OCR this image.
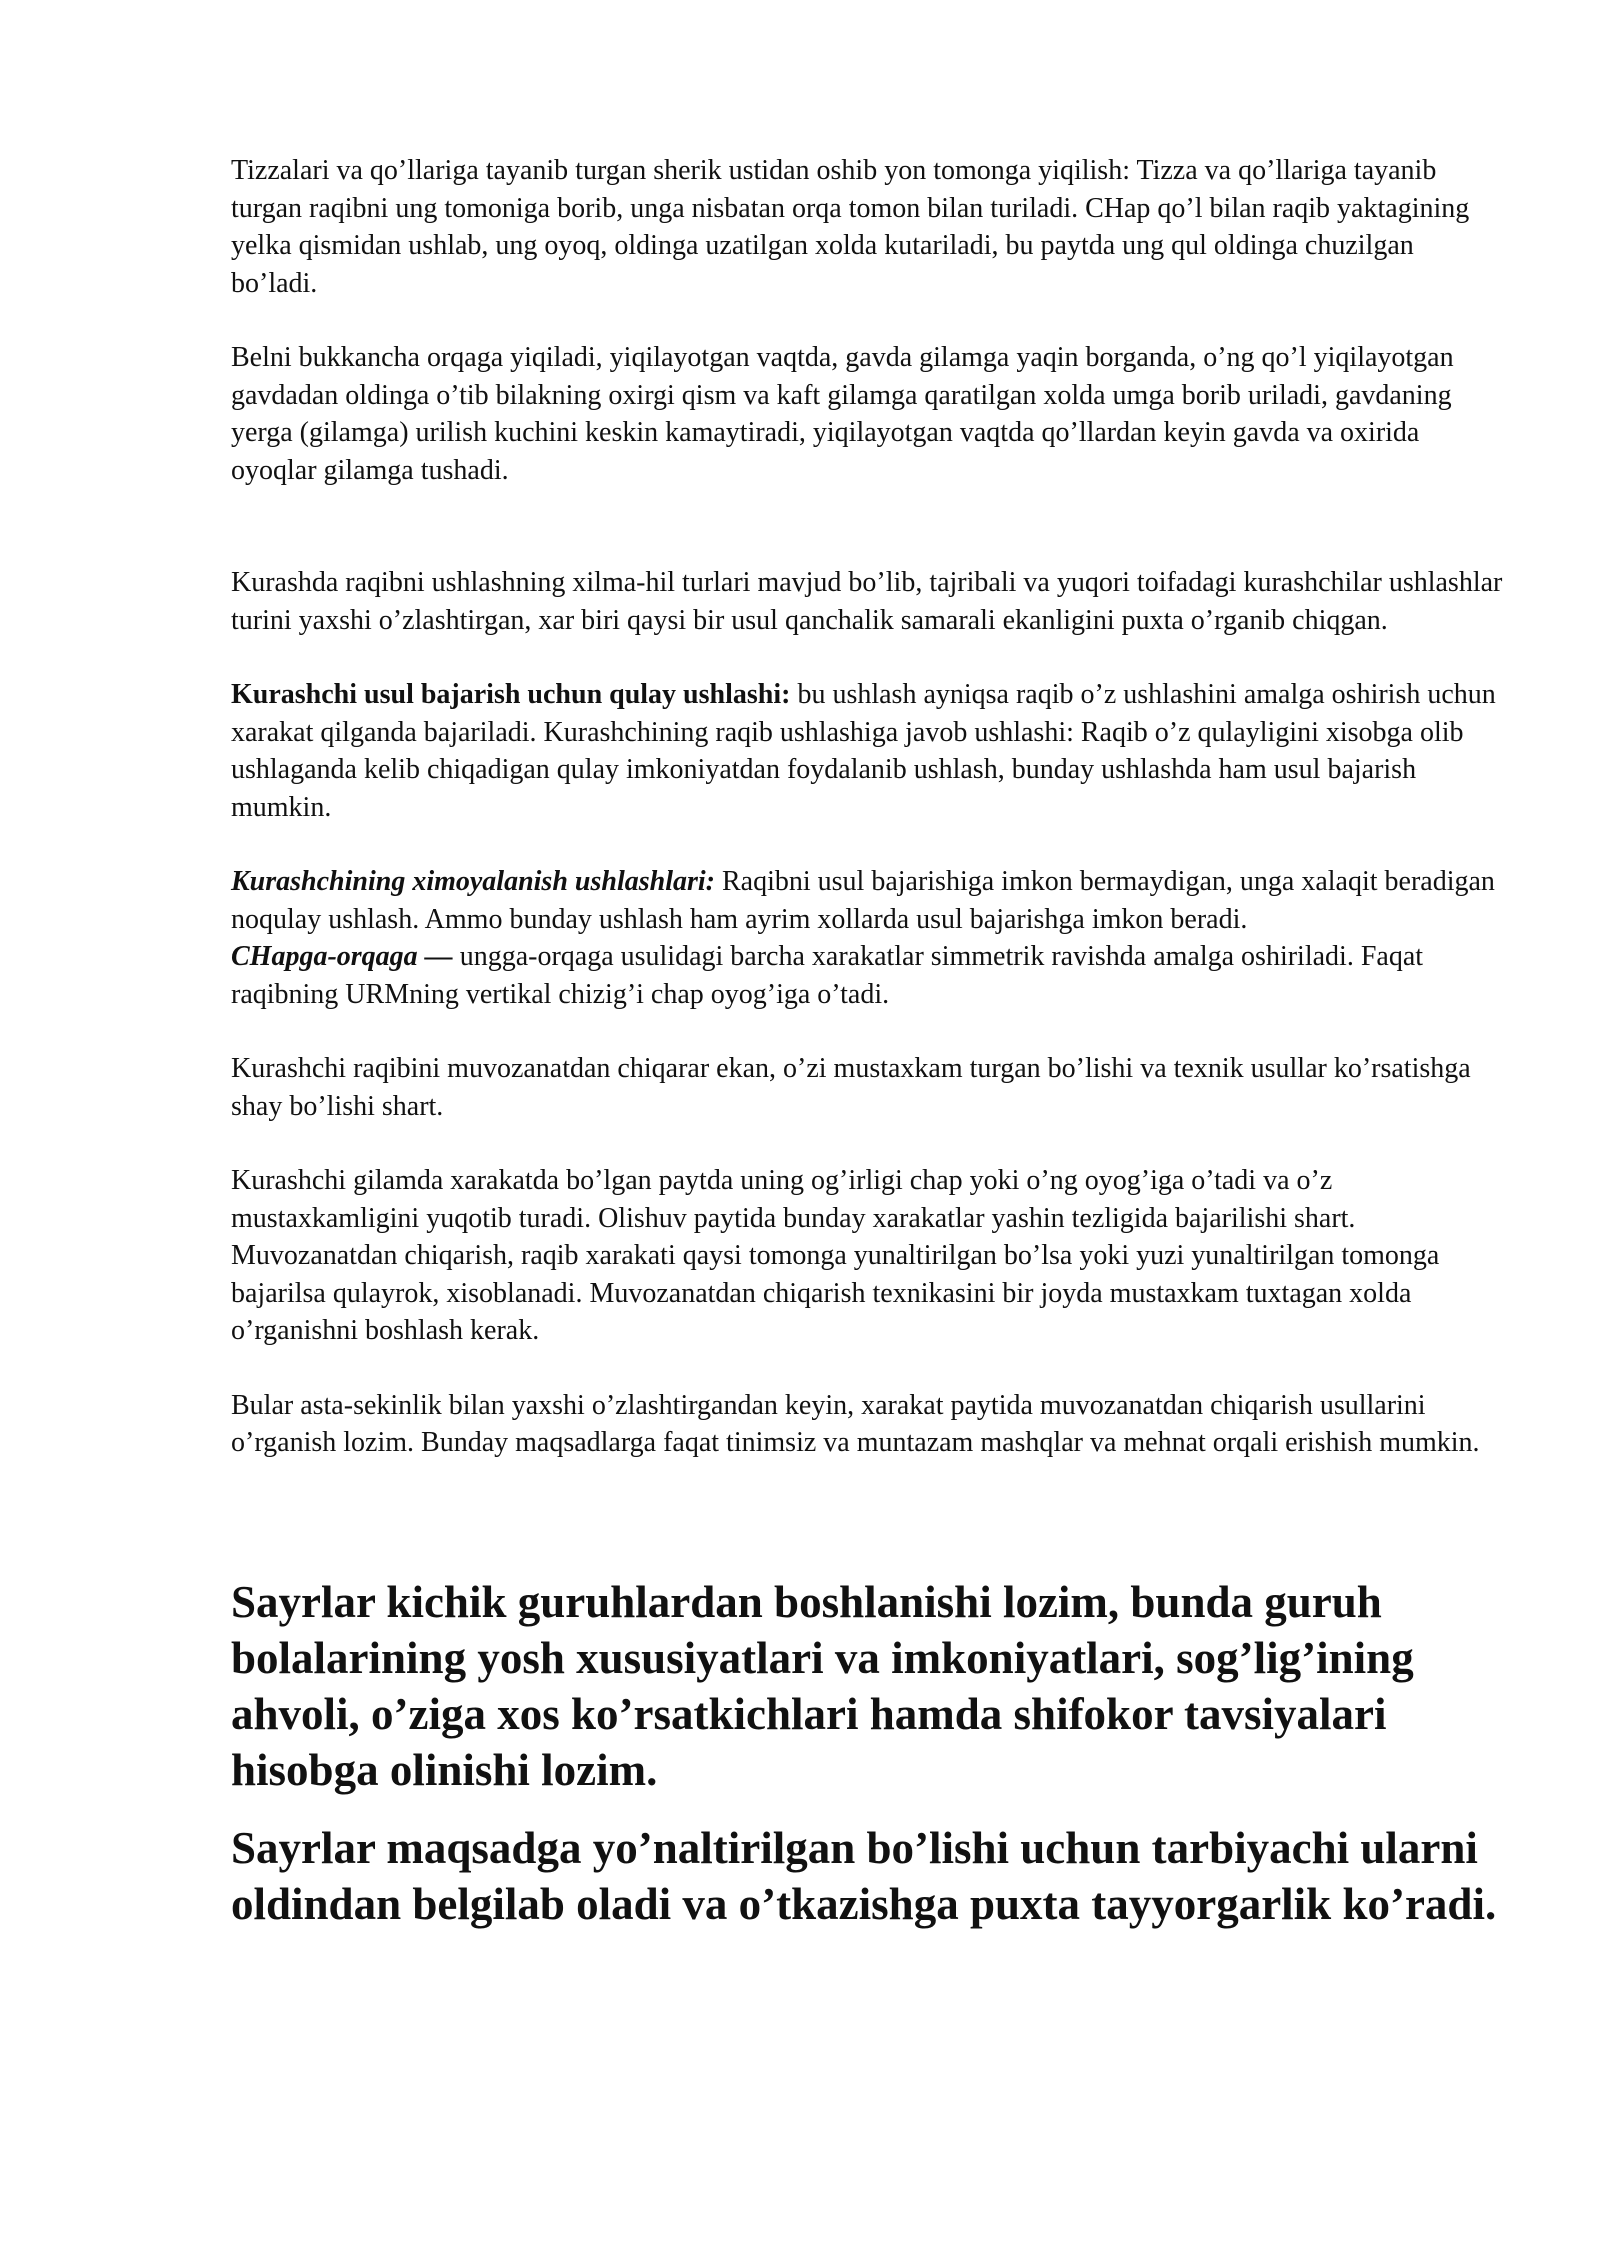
Tizzalari va qo’llariga tayanib turgan sherik ustidan oshib yon tomonga yiqilish: Tizza va qo’llariga tayanib turgan raqibni ung tomoniga borib, unga nisbatan orqa tomon bilan turiladi. CHap qo’l bilan raqib yaktagining yelka qismidan ushlab, ung oyoq, oldinga uzatilgan xolda kutariladi, bu paytda ung qul oldinga chuzilgan bo’ladi.

Belni bukkancha orqaga yiqiladi, yiqilayotgan vaqtda, gavda gilamga yaqin borganda, o’ng qo’l yiqilayotgan gavdadan oldinga o’tib bilakning oxirgi qism va kaft gilamga qaratilgan xolda umga borib uriladi, gavdaning yerga (gilamga) urilish kuchini keskin kamaytiradi, yiqilayotgan vaqtda qo’llardan keyin gavda va oxirida oyoqlar gilamga tushadi.

Kurashda raqibni ushlashning xilma-hil turlari mavjud bo’lib, tajribali va yuqori toifadagi kurashchilar ushlashlar turini yaxshi o’zlashtirgan, xar biri qaysi bir usul qanchalik samarali ekanligini puxta o’rganib chiqgan.

Kurashchi usul bajarish uchun qulay ushlashi: bu ushlash ayniqsa raqib o’z ushlashini amalga oshirish uchun xarakat qilganda bajariladi. Kurashchining raqib ushlashiga javob ushlashi: Raqib o’z qulayligini xisobga olib ushlaganda kelib chiqadigan qulay imkoniyatdan foydalanib ushlash, bunday ushlashda ham usul bajarish mumkin.

Kurashchining ximoyalanish ushlashlari: Raqibni usul bajarishiga imkon bermaydigan, unga xalaqit beradigan noqulay ushlash. Ammo bunday ushlash ham ayrim xollarda usul bajarishga imkon beradi.

CHapga-orqaga — ungga-orqaga usulidagi barcha xarakatlar simmetrik ravishda amalga oshiriladi. Faqat raqibning URMning vertikal chizig’i chap oyog’iga o’tadi.

Kurashchi raqibini muvozanatdan chiqarar ekan, o’zi mustaxkam turgan bo’lishi va texnik usullar ko’rsatishga shay bo’lishi shart.

Kurashchi gilamda xarakatda bo’lgan paytda uning og’irligi chap yoki o’ng oyog’iga o’tadi va o’z mustaxkamligini yuqotib turadi. Olishuv paytida bunday xarakatlar yashin tezligida bajarilishi shart. Muvozanatdan chiqarish, raqib xarakati qaysi tomonga yunaltirilgan bo’lsa yoki yuzi yunaltirilgan tomonga bajarilsa qulayrok, xisoblanadi. Muvozanatdan chiqarish texnikasini bir joyda mustaxkam tuxtagan xolda o’rganishni boshlash kerak.

Bular asta-sekinlik bilan yaxshi o’zlashtirgandan keyin, xarakat paytida muvozanatdan chiqarish usullarini o’rganish lozim. Bunday maqsadlarga faqat tinimsiz va muntazam mashqlar va mehnat orqali erishish mumkin.

Sayrlar kichik guruhlardan boshlanishi lozim, bunda guruh bolalarining yosh xususiyatlari va imkoniyatlari, sog’lig’ining ahvoli, o’ziga xos ko’rsatkichlari hamda shifokor tavsiyalari hisobga olinishi lozim.
Sayrlar maqsadga yo’naltirilgan bo’lishi uchun tarbiyachi ularni oldindan belgilab oladi va o’tkazishga puxta tayyorgarlik ko’radi.
